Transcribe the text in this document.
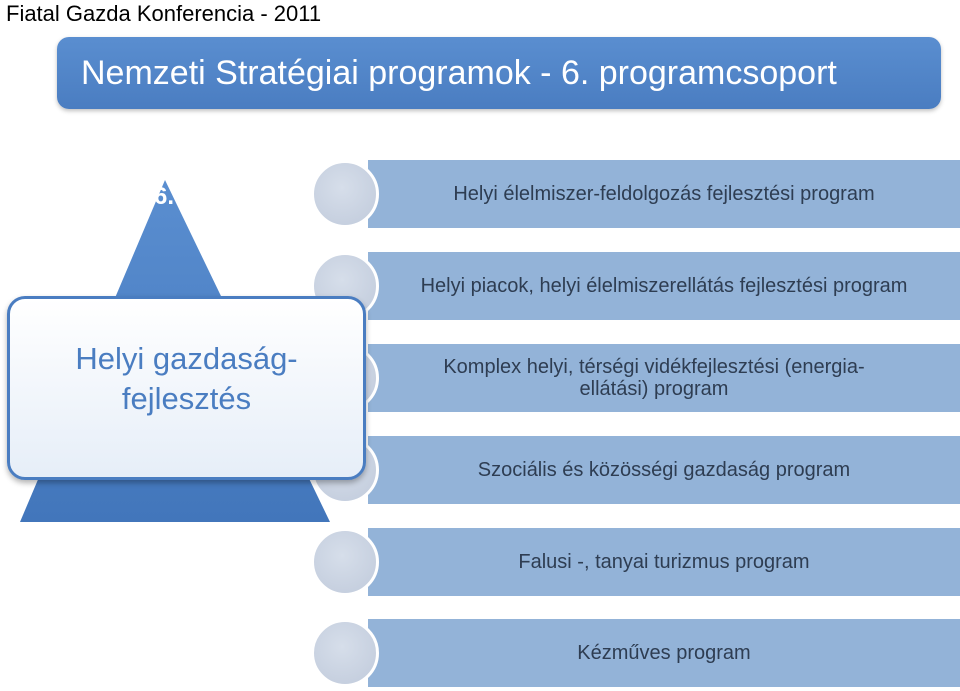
Fiatal Gazda Konferencia - 2011
Nemzeti Stratégiai programok - 6. programcsoport
6.	Helyi élelmiszer-feldolgozás fejlesztési program
Helyi piacok, helyi élelmiszerellátás fejlesztési program
Komplex helyi, térségi vidékfejlesztési (energia-ellátási) program
Szociális és közösségi gazdaság program
Falusi -, tanyai turizmus program
Kézműves program
Helyi gazdaság-
fejlesztés
